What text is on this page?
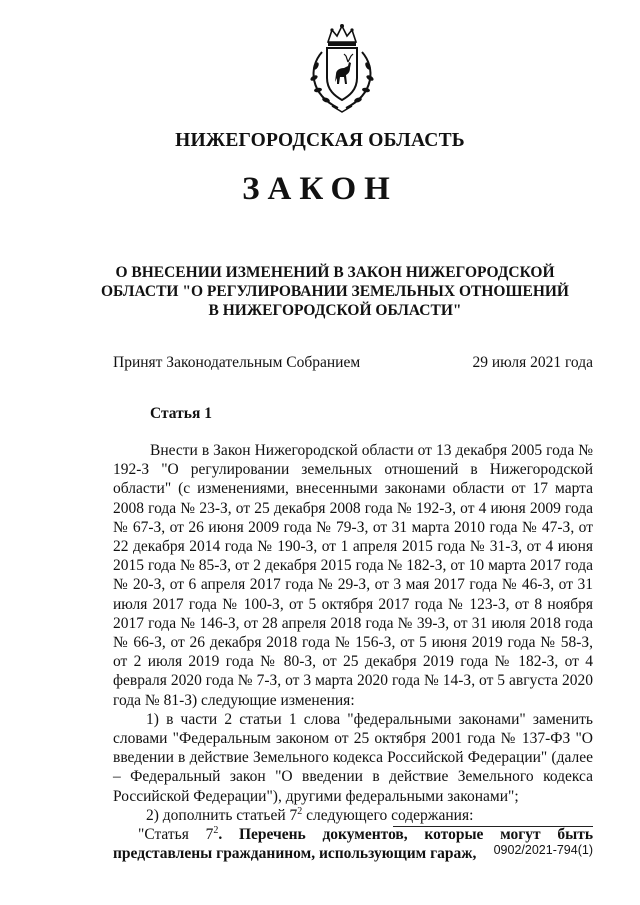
НИЖЕГОРОДСКАЯ ОБЛАСТЬ
ЗАКОН
О ВНЕСЕНИИ ИЗМЕНЕНИЙ В ЗАКОН НИЖЕГОРОДСКОЙ
ОБЛАСТИ "О РЕГУЛИРОВАНИИ ЗЕМЕЛЬНЫХ ОТНОШЕНИЙ
В НИЖЕГОРОДСКОЙ ОБЛАСТИ"
Принят Законодательным Собранием	29 июля 2021 года
Статья 1

Внести в Закон Нижегородской области от 13 декабря 2005 года № 192-З "О регулировании земельных отношений в Нижегородской области" (с изменениями, внесенными законами области от 17 марта 2008 года № 23-З, от 25 декабря 2008 года № 192-З, от 4 июня 2009 года № 67-З, от 26 июня 2009 года № 79-З, от 31 марта 2010 года № 47-З, от 22 декабря 2014 года № 190-З, от 1 апреля 2015 года № 31-З, от 4 июня 2015 года № 85-З, от 2 декабря 2015 года № 182-З, от 10 марта 2017 года № 20-З, от 6 апреля 2017 года № 29-З, от 3 мая 2017 года № 46-З, от 31 июля 2017 года № 100-З, от 5 октября 2017 года № 123-З, от 8 ноября 2017 года № 146-З, от 28 апреля 2018 года № 39-З, от 31 июля 2018 года № 66-З, от 26 декабря 2018 года № 156-З, от 5 июня 2019 года № 58-З, от 2 июля 2019 года № 80-З, от 25 декабря 2019 года № 182-З, от 4 февраля 2020 года № 7-З, от 3 марта 2020 года № 14-З, от 5 августа 2020 года № 81-З) следующие изменения:

1) в части 2 статьи 1 слова "федеральными законами" заменить словами "Федеральным законом от 25 октября 2001 года № 137-ФЗ "О введении в действие Земельного кодекса Российской Федерации" (далее – Федеральный закон "О введении в действие Земельного кодекса Российской Федерации"), другими федеральными законами";

2) дополнить статьей $7^2$ следующего содержания:

"Статья $7^2$. Перечень документов, которые могут быть представлены гражданином, использующим гараж,	0902/2021-794(1)
